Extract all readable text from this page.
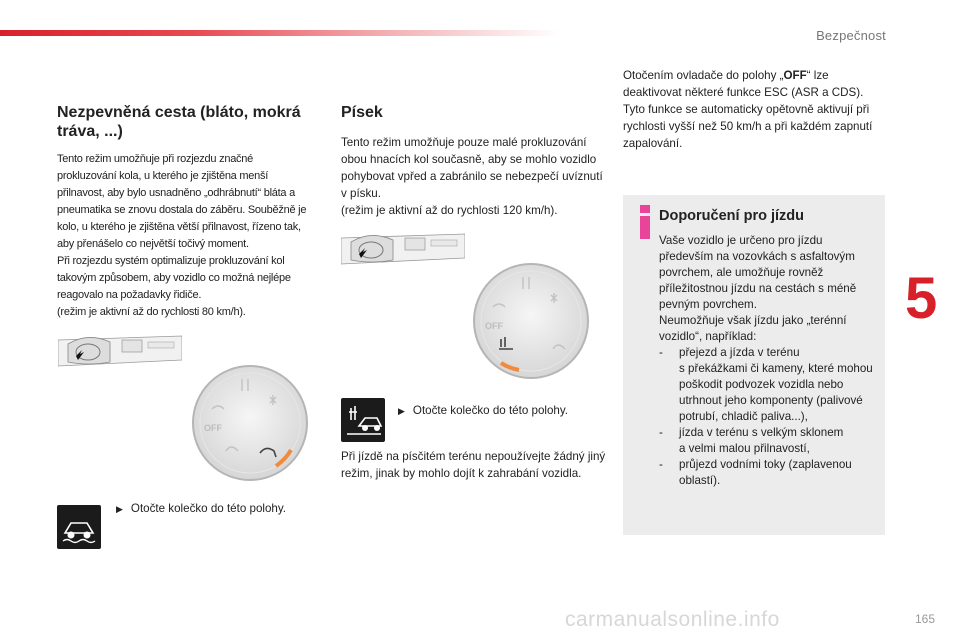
Bezpečnost
5
Nezpevněná cesta (bláto, mokrá tráva, ...)
Tento režim umožňuje při rozjezdu značné prokluzování kola, u kterého je zjištěna menší přilnavost, aby bylo usnadněno „odhrábnutí“ bláta a pneumatika se znovu dostala do záběru. Souběžně je kolo, u kterého je zjištěna větší přilnavost, řízeno tak, aby přenášelo co největší točivý moment.
Při rozjezdu systém optimalizuje prokluzování kol takovým způsobem, aby vozidlo co možná nejlépe reagovalo na požadavky řidiče.
(režim je aktivní až do rychlosti 80 km/h).
OFF
▶ Otočte kolečko do této polohy.
Písek
Tento režim umožňuje pouze malé prokluzování obou hnacích kol současně, aby se mohlo vozidlo pohybovat vpřed a zabránilo se nebezpečí uvíznutí v písku.
(režim je aktivní až do rychlosti 120 km/h).
OFF
▶ Otočte kolečko do této polohy.
Při jízdě na písčitém terénu nepoužívejte žádný jiný režim, jinak by mohlo dojít k zahrabání vozidla.
Otočením ovladače do polohy „OFF“ lze deaktivovat některé funkce ESC (ASR a CDS).
Tyto funkce se automaticky opětovně aktivují při rychlosti vyšší než 50 km/h a při každém zapnutí zapalování.
Doporučení pro jízdu
Vaše vozidlo je určeno pro jízdu především na vozovkách s asfaltovým povrchem, ale umožňuje rovněž příležitostnou jízdu na cestách s méně pevným povrchem.
Neumožňuje však jízdu jako „terénní vozidlo“, například:
- přejezd a jízda v terénu
s překážkami či kameny, které mohou poškodit podvozek vozidla nebo utrhnout jeho komponenty (palivové potrubí, chladič paliva...),
- jízda v terénu s velkým sklonem
a velmi malou přilnavostí,
- průjezd vodními toky (zaplavenou oblastí).
carmanualsonline.info	165
